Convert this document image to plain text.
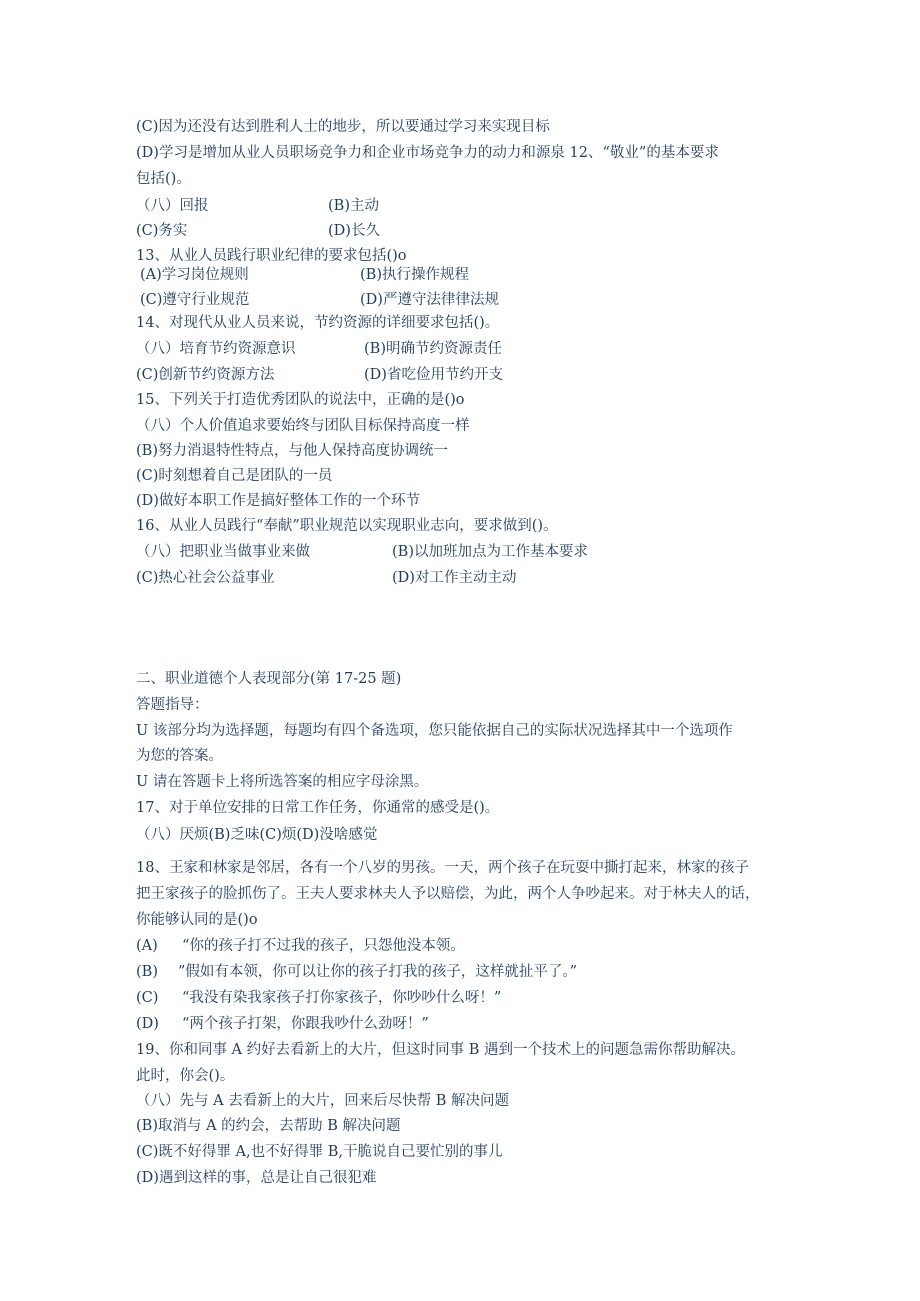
(C)因为还没有达到胜利人士的地步，所以要通过学习来实现目标
(D)学习是增加从业人员职场竞争力和企业市场竞争力的动力和源泉 12、“敬业”的基本要求
包括()。
（八）回报	(B)主动
(C)务实	(D)长久
13、从业人员践行职业纪律的要求包括()o
(A)学习岗位规则	(B)执行操作规程
(C)遵守行业规范	(D)严遵守法律律法规
14、对现代从业人员来说，节约资源的详细要求包括()。
（八）培育节约资源意识	(B)明确节约资源责任
(C)创新节约资源方法	(D)省吃俭用节约开支
15、下列关于打造优秀团队的说法中，正确的是()o
（八）个人价值追求要始终与团队目标保持高度一样
(B)努力消退特性特点，与他人保持高度协调统一
(C)时刻想着自己是团队的一员
(D)做好本职工作是搞好整体工作的一个环节
16、从业人员践行“奉献”职业规范以实现职业志向，要求做到()。
（八）把职业当做事业来做	(B)以加班加点为工作基本要求
(C)热心社会公益事业	(D)对工作主动主动
二、职业道德个人表现部分(第 17-25 题)
答题指导：
U 该部分均为选择题，每题均有四个备选项，您只能依据自己的实际状况选择其中一个选项作
为您的答案。
U 请在答题卡上将所选答案的相应字母涂黑。
17、对于单位安排的日常工作任务，你通常的感受是()。
（八）厌烦(B)乏味(C)烦(D)没啥感觉
18、王家和林家是邻居，各有一个八岁的男孩。一天，两个孩子在玩耍中撕打起来，林家的孩子
把王家孩子的脸抓伤了。王夫人要求林夫人予以赔偿，为此，两个人争吵起来。对于林夫人的话，
你能够认同的是()o
(A) “你的孩子打不过我的孩子，只怨他没本领。
(B) ”假如有本领，你可以让你的孩子打我的孩子，这样就扯平了。”
(C) “我没有染我家孩子打你家孩子，你吵吵什么呀！”
(D) “两个孩子打架，你跟我吵什么劲呀！”
19、你和同事 A 约好去看新上的大片，但这时同事 B 遇到一个技术上的问题急需你帮助解决。
此时，你会()。
（八）先与 A 去看新上的大片，回来后尽快帮 B 解决问题
(B)取消与 A 的约会，去帮助 B 解决问题
(C)既不好得罪 A,也不好得罪 B,干脆说自己要忙别的事儿
(D)遇到这样的事，总是让自己很犯难
